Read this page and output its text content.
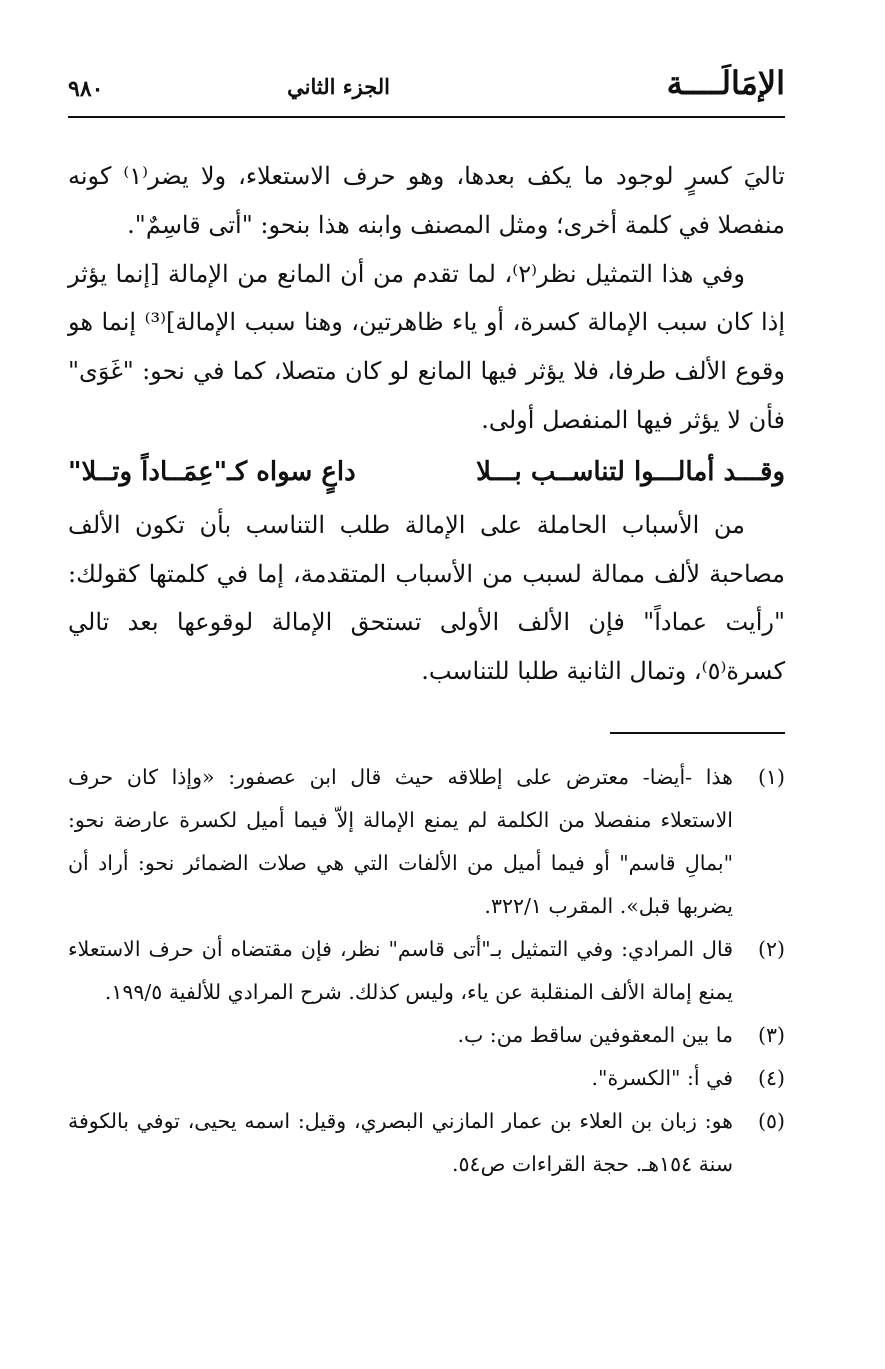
الإمَالَــــة
الجزء الثاني
٩٨٠

تاليَ كسرٍ لوجود ما يكف بعدها، وهو حرف الاستعلاء، ولا يضر⁽١⁾ كونه منفصلا في كلمة أخرى؛ ومثل المصنف وابنه هذا بنحو: "أتى قاسِمٌ".

وفي هذا التمثيل نظر⁽٢⁾، لما تقدم من أن المانع من الإمالة [إنما يؤثر إذا كان سبب الإمالة كسرة، أو ياء ظاهرتين، وهنا سبب الإمالة]⁽³⁾ إنما هو وقوع الألف طرفا، فلا يؤثر فيها المانع لو كان متصلا، كما في نحو: "غَوَى" فأن لا يؤثر فيها المنفصل أولى.

وقـــد أمالـــوا لتناســب بـــلا
داعٍ سواه كـ"عِمَــاداً وتــلا"

من الأسباب الحاملة على الإمالة طلب التناسب بأن تكون الألف مصاحبة لألف ممالة لسبب من الأسباب المتقدمة، إما في كلمتها كقولك: "رأيت عماداً" فإن الألف الأولى تستحق الإمالة لوقوعها بعد تالي كسرة⁽٥⁾، وتمال الثانية طلبا للتناسب.

(١)
هذا -أيضا- معترض على إطلاقه حيث قال ابن عصفور: «وإذا كان حرف الاستعلاء منفصلا من الكلمة لم يمنع الإمالة إلاّ فيما أميل لكسرة عارضة نحو: "بمالِ قاسم" أو فيما أميل من الألفات التي هي صلات الضمائر نحو: أراد أن يضربها قبل». المقرب ٣٢٢/١.
(٢)
قال المرادي: وفي التمثيل بـ"أتى قاسم" نظر، فإن مقتضاه أن حرف الاستعلاء يمنع إمالة الألف المنقلبة عن ياء، وليس كذلك. شرح المرادي للألفية ١٩٩/٥.
(٣)
ما بين المعقوفين ساقط من: ب.
(٤)
في أ: "الكسرة".
(٥)
هو: زبان بن العلاء بن عمار المازني البصري، وقيل: اسمه يحيى، توفي بالكوفة سنة ١٥٤هـ. حجة القراءات ص٥٤.
